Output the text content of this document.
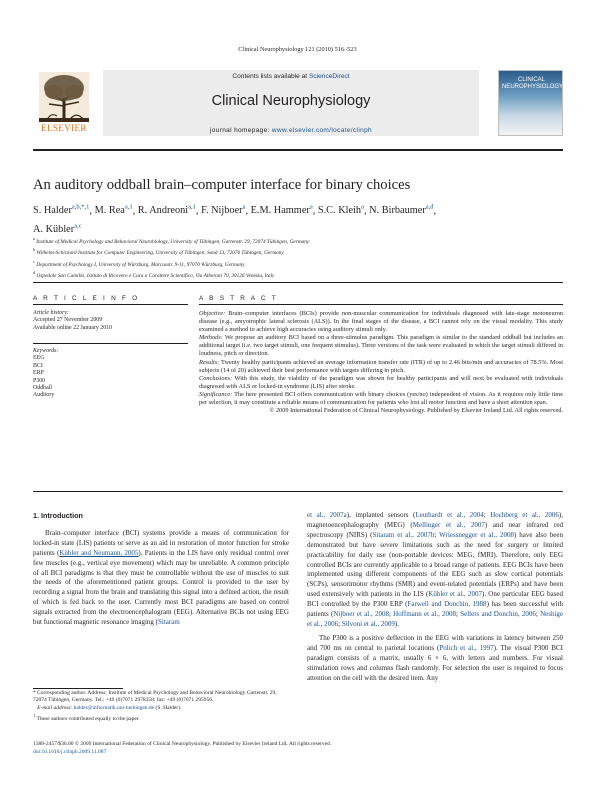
Clinical Neurophysiology 121 (2010) 516–523
ELSEVIER
Contents lists available at ScienceDirect
Clinical Neurophysiology
journal homepage: www.elsevier.com/locate/clinph
CLINICAL NEUROPHYSIOLOGY
An auditory oddball brain–computer interface for binary choices
S. Halder$^{a,b,*,1}$, M. Rea$^{a,1}$, R. Andreoni$^{a,1}$, F. Nijboer$^a$, E.M. Hammer$^a$, S.C. Kleih$^a$, N. Birbaumer$^{a,d}$,
A. Kübler$^{a,c}$
$^a$ Institute of Medical Psychology and Behavioral Neurobiology, University of Tübingen, Gartenstr. 29, 72074 Tübingen, Germany
$^b$ Wilhelm-Schickard Institute for Computer Engineering, University of Tübingen, Sand 13, 72076 Tübingen, Germany
$^c$ Department of Psychology I, University of Würzburg, Marcusstr. 9-11, 97070 Würzburg, Germany
$^d$ Ospedale San Camillo, Istituto di Ricovero e Cura a Carattere Scientifico, Via Alberoni 70, 30126 Venezia, Italy
A R T I C L E I N F O	A B S T R A C T
Article history:
Accepted 27 November 2009
Available online 22 January 2010
Keywords:
EEG
BCI
ERP
P300
Oddball
Auditory

Objective: Brain–computer interfaces (BCIs) provide non-muscular communication for individuals diagnosed with late-stage motoneuron disease (e.g., amyotrophic lateral sclerosis (ALS)). In the final stages of the disease, a BCI cannot rely on the visual modality. This study examined a method to achieve high accuracies using auditory stimuli only.

Methods: We propose an auditory BCI based on a three-stimulus paradigm. This paradigm is similar to the standard oddball but includes an additional target (i.e. two target stimuli, one frequent stimulus). Three versions of the task were evaluated in which the target stimuli differed in loudness, pitch or direction.

Results: Twenty healthy participants achieved an average information transfer rate (ITR) of up to 2.46 bits/min and accuracies of 78.5%. Most subjects (14 of 20) achieved their best performance with targets differing in pitch.

Conclusions: With this study, the viability of the paradigm was shown for healthy participants and will next be evaluated with individuals diagnosed with ALS or locked-in syndrome (LIS) after stroke.

Significance: The here presented BCI offers communication with binary choices (yes/no) independent of vision. As it requires only little time per selection, it may constitute a reliable means of communication for patients who lost all motor function and have a short attention span.

© 2009 International Federation of Clinical Neurophysiology. Published by Elsevier Ireland Ltd. All rights reserved.

1. Introduction

Brain–computer interface (BCI) systems provide a means of communication for locked-in state (LIS) patients or serve as an aid in restoration of motor function for stroke patients (Kübler and Neumann, 2005). Patients in the LIS have only residual control over few muscles (e.g., vertical eye movement) which may be unreliable. A common principle of all BCI paradigms is that they must be controllable without the use of muscles to suit the needs of the aforementioned patient groups. Control is provided to the user by recording a signal from the brain and translating this signal into a defined action, the result of which is fed back to the user. Currently most BCI paradigms are based on control signals extracted from the electroencephalogram (EEG). Alternative BCIs not using EEG but functional magnetic resonance imaging (Sitaram

et al., 2007a), implanted sensors (Leuthardt et al., 2004; Hochberg et al., 2006), magnetoencephalography (MEG) (Mellinger et al., 2007) and near infrared red spectroscopy (NIRS) (Sitaram et al., 2007b; Wriessnegger et al., 2008) have also been demonstrated but have severe limitations such as the need for surgery or limited practicability for daily use (non-portable devices: MEG, fMRI). Therefore, only EEG controlled BCIs are currently applicable to a broad range of patients. EEG BCIs have been implemented using different components of the EEG such as slow cortical potentials (SCPs), sensorimotor rhythms (SMR) and event-related potentials (ERPs) and have been used extensively with patients in the LIS (Kübler et al., 2007). One particular EEG based BCI controlled by the P300 ERP (Farwell and Donchin, 1988) has been successful with patients (Nijboer et al., 2008; Hoffmann et al., 2008; Sellers and Donchin, 2006; Neshige et al., 2006; Silvoni et al., 2009).

The P300 is a positive deflection in the EEG with variations in latency between 250 and 700 ms on central to parietal locations (Polich et al., 1997). The visual P300 BCI paradigm consists of a matrix, usually 6 × 6, with letters and numbers. For visual stimulation rows and columns flash randomly. For selection the user is required to focus attention on the cell with the desired item. Any

* Corresponding author. Address: Institute of Medical Psychology and Behavioral Neurobiology Gartenstr. 29, 72074 Tübingen, Germany. Tel.: +49 (0)7071 2978358; fax: +49 (0)7071 295956.
E-mail address: halder@informatik.uni-tuebingen.de (S. Halder).
$^1$ These authors contributed equally to the paper.
1388-2457/$36.00 © 2009 International Federation of Clinical Neurophysiology. Published by Elsevier Ireland Ltd. All rights reserved.
doi:10.1016/j.clinph.2009.11.087
